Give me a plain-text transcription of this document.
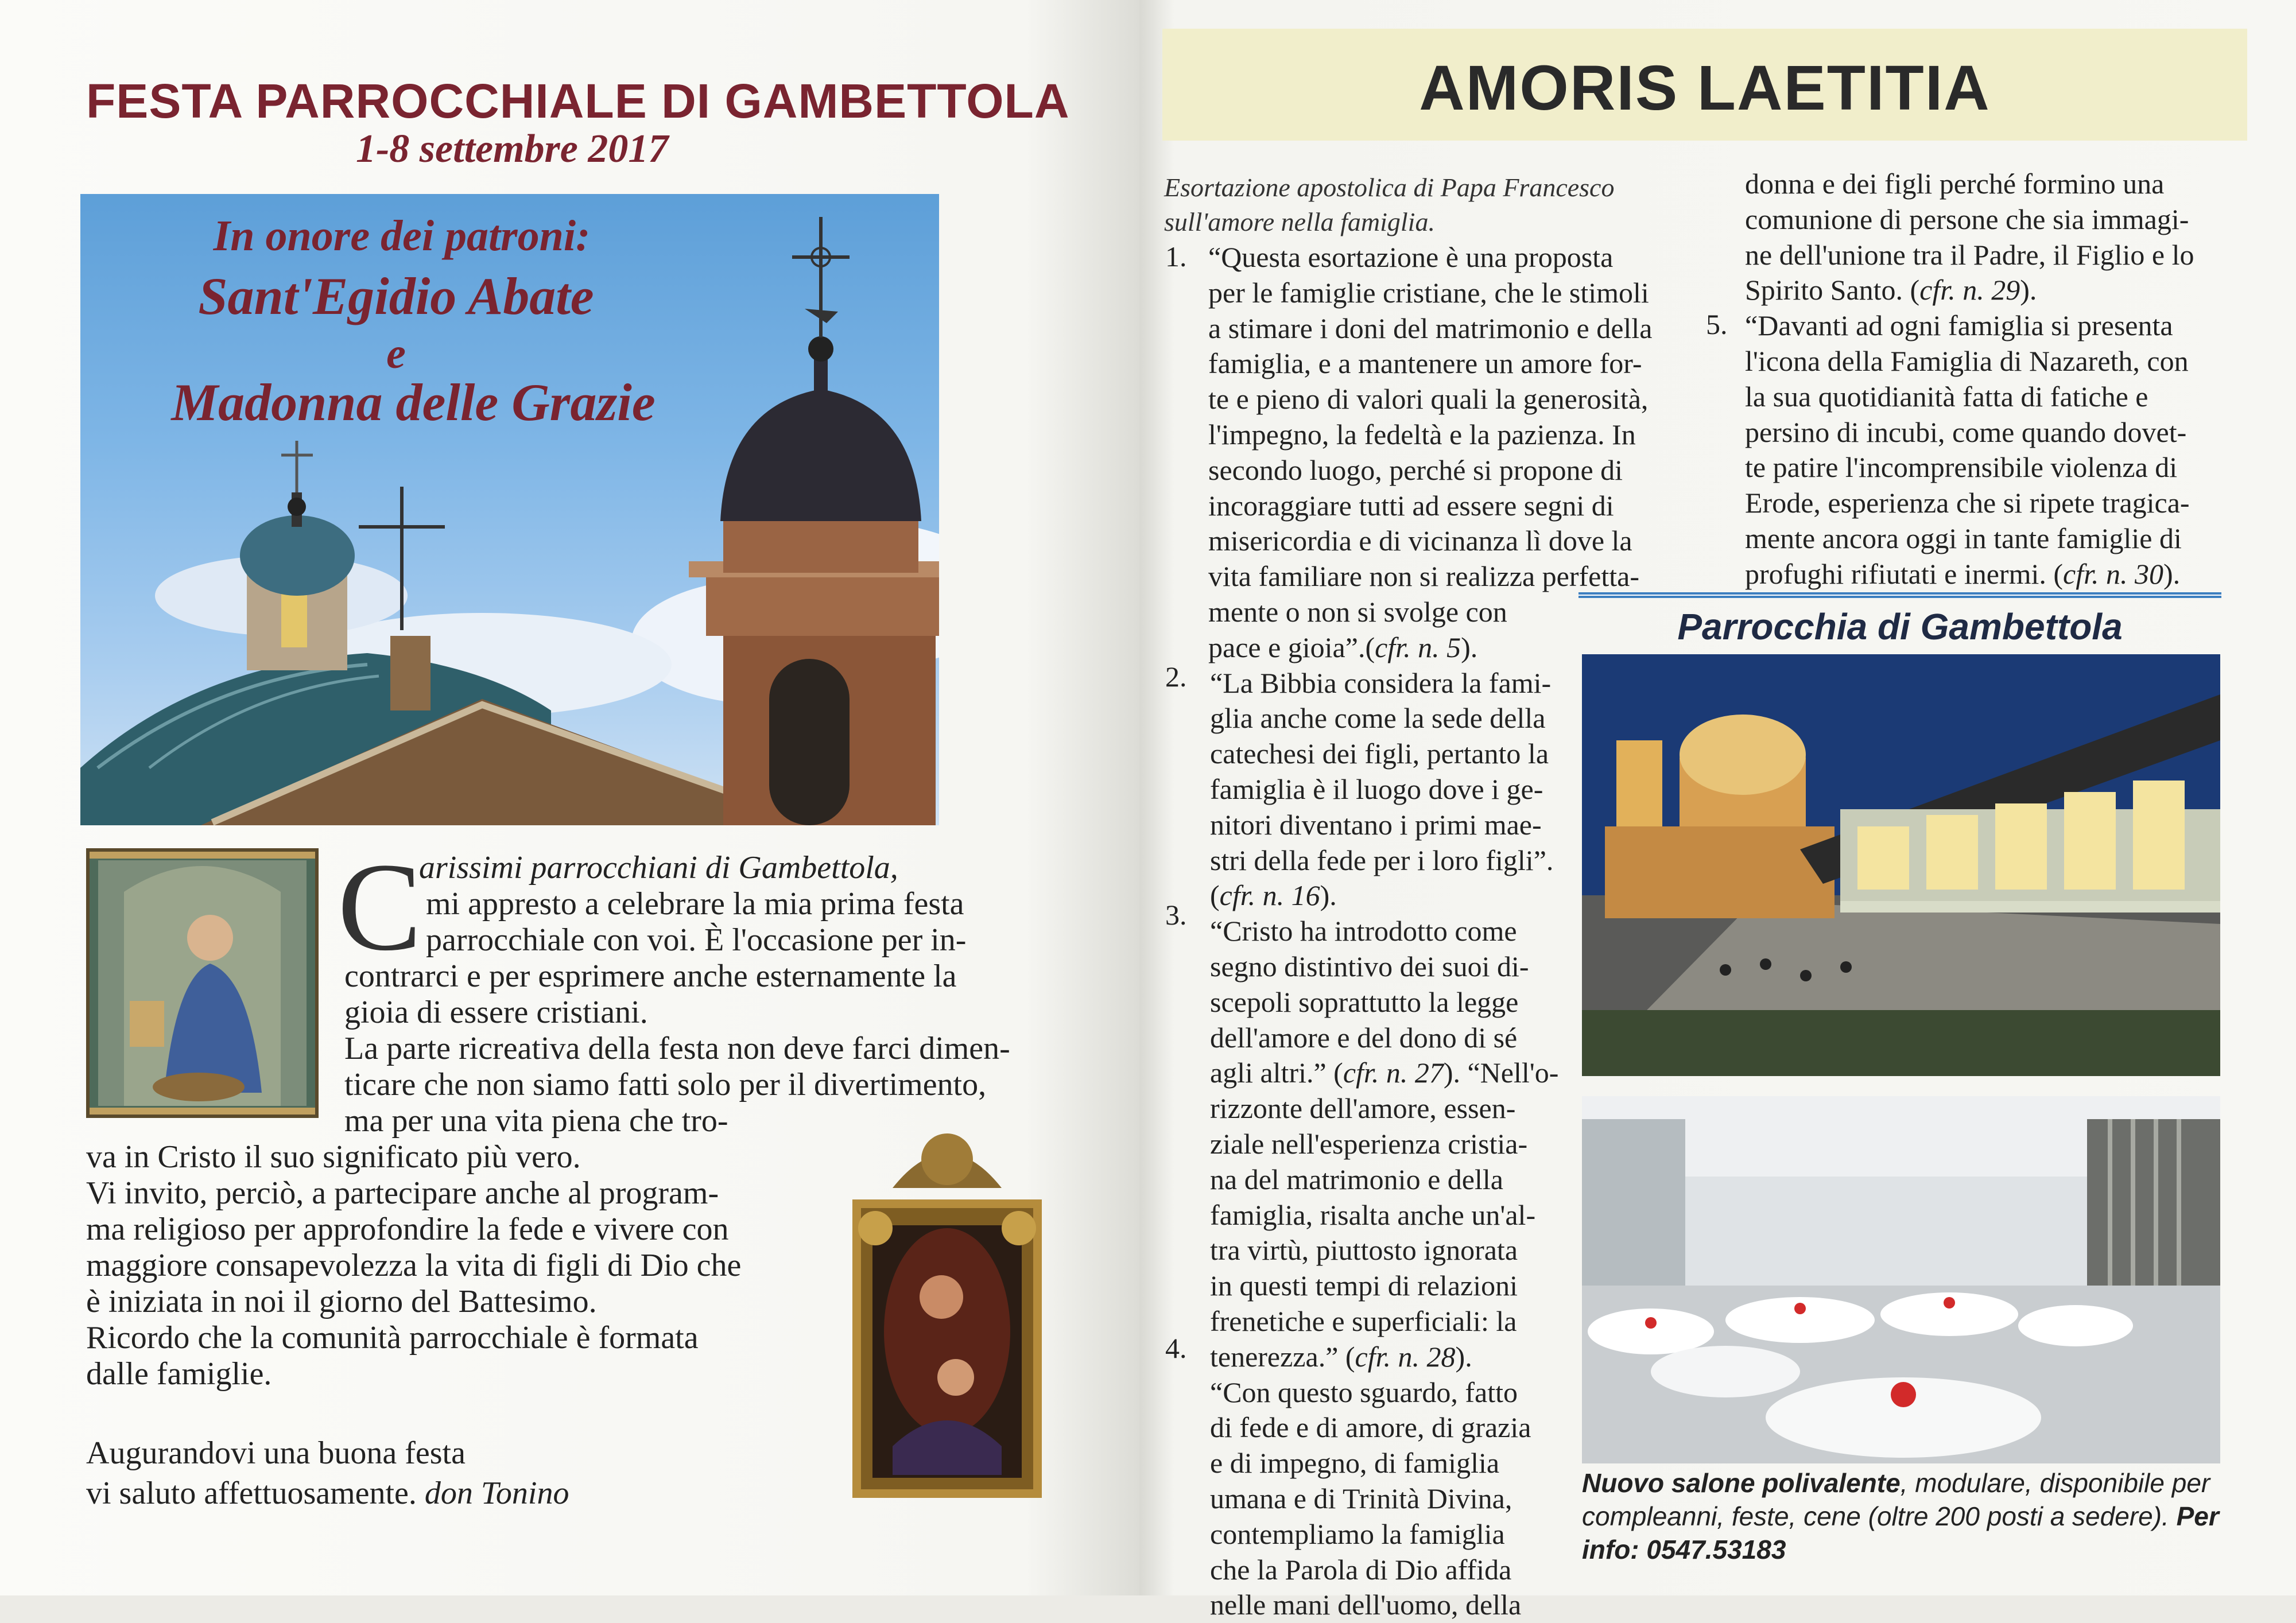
FESTA PARROCCHIALE DI GAMBETTOLA
1-8 settembre 2017
In onore dei patroni:
Sant'Egidio Abate
e
Madonna delle Grazie
C
arissimi parrocchiani di Gambettola,
mi appresto a celebrare la mia prima festa
parrocchiale con voi. È l'occasione per in-
contrarci e per esprimere anche esternamente la
gioia di essere cristiani.
La parte ricreativa della festa non deve farci dimen-
ticare che non siamo fatti solo per il divertimento,
ma per una vita piena che tro-
va in Cristo il suo significato più vero.
Vi invito, perciò, a partecipare anche al program-
ma religioso per approfondire la fede e vivere con
maggiore consapevolezza la vita di figli di Dio che
è iniziata in noi il giorno del Battesimo.
Ricordo che la comunità parrocchiale è formata
dalle famiglie.
Augurandovi una buona festa
vi saluto affettuosamente. don Tonino
AMORIS LAETITIA
Esortazione apostolica di Papa Francesco
sull'amore nella famiglia.
1.
2.
3.
4.
5.
“Questa esortazione è una proposta
per le famiglie cristiane, che le stimoli
a stimare i doni del matrimonio e della
famiglia, e a mantenere un amore for-
te e pieno di valori quali la generosità,
l'impegno, la fedeltà e la pazienza. In
secondo luogo, perché si propone di
incoraggiare tutti ad essere segni di
misericordia e di vicinanza lì dove la
vita familiare non si realizza perfetta-
mente o non si svolge con
pace e gioia”.(cfr. n. 5).
“La Bibbia considera la fami-
glia anche come la sede della
catechesi dei figli, pertanto la
famiglia è il luogo dove i ge-
nitori diventano i primi mae-
stri della fede per i loro figli”.
(cfr. n. 16).
“Cristo ha introdotto come
segno distintivo dei suoi di-
scepoli soprattutto la legge
dell'amore e del dono di sé
agli altri.” (cfr. n. 27). “Nell'o-
rizzonte dell'amore, essen-
ziale nell'esperienza cristia-
na del matrimonio e della
famiglia, risalta anche un'al-
tra virtù, piuttosto ignorata
in questi tempi di relazioni
frenetiche e superficiali: la
tenerezza.” (cfr. n. 28).
“Con questo sguardo, fatto
di fede e di amore, di grazia
e di impegno, di famiglia
umana e di Trinità Divina,
contempliamo la famiglia
che la Parola di Dio affida
nelle mani dell'uomo, della
donna e dei figli perché formino una
comunione di persone che sia immagi-
ne dell'unione tra il Padre, il Figlio e lo
Spirito Santo. (cfr. n. 29).
“Davanti ad ogni famiglia si presenta
l'icona della Famiglia di Nazareth, con
la sua quotidianità fatta di fatiche e
persino di incubi, come quando dovet-
te patire l'incomprensibile violenza di
Erode, esperienza che si ripete tragica-
mente ancora oggi in tante famiglie di
profughi rifiutati e inermi. (cfr. n. 30).
Parrocchia di Gambettola
Nuovo salone polivalente, modulare, disponibile per compleanni, feste, cene (oltre 200 posti a sedere). Per info: 0547.53183
